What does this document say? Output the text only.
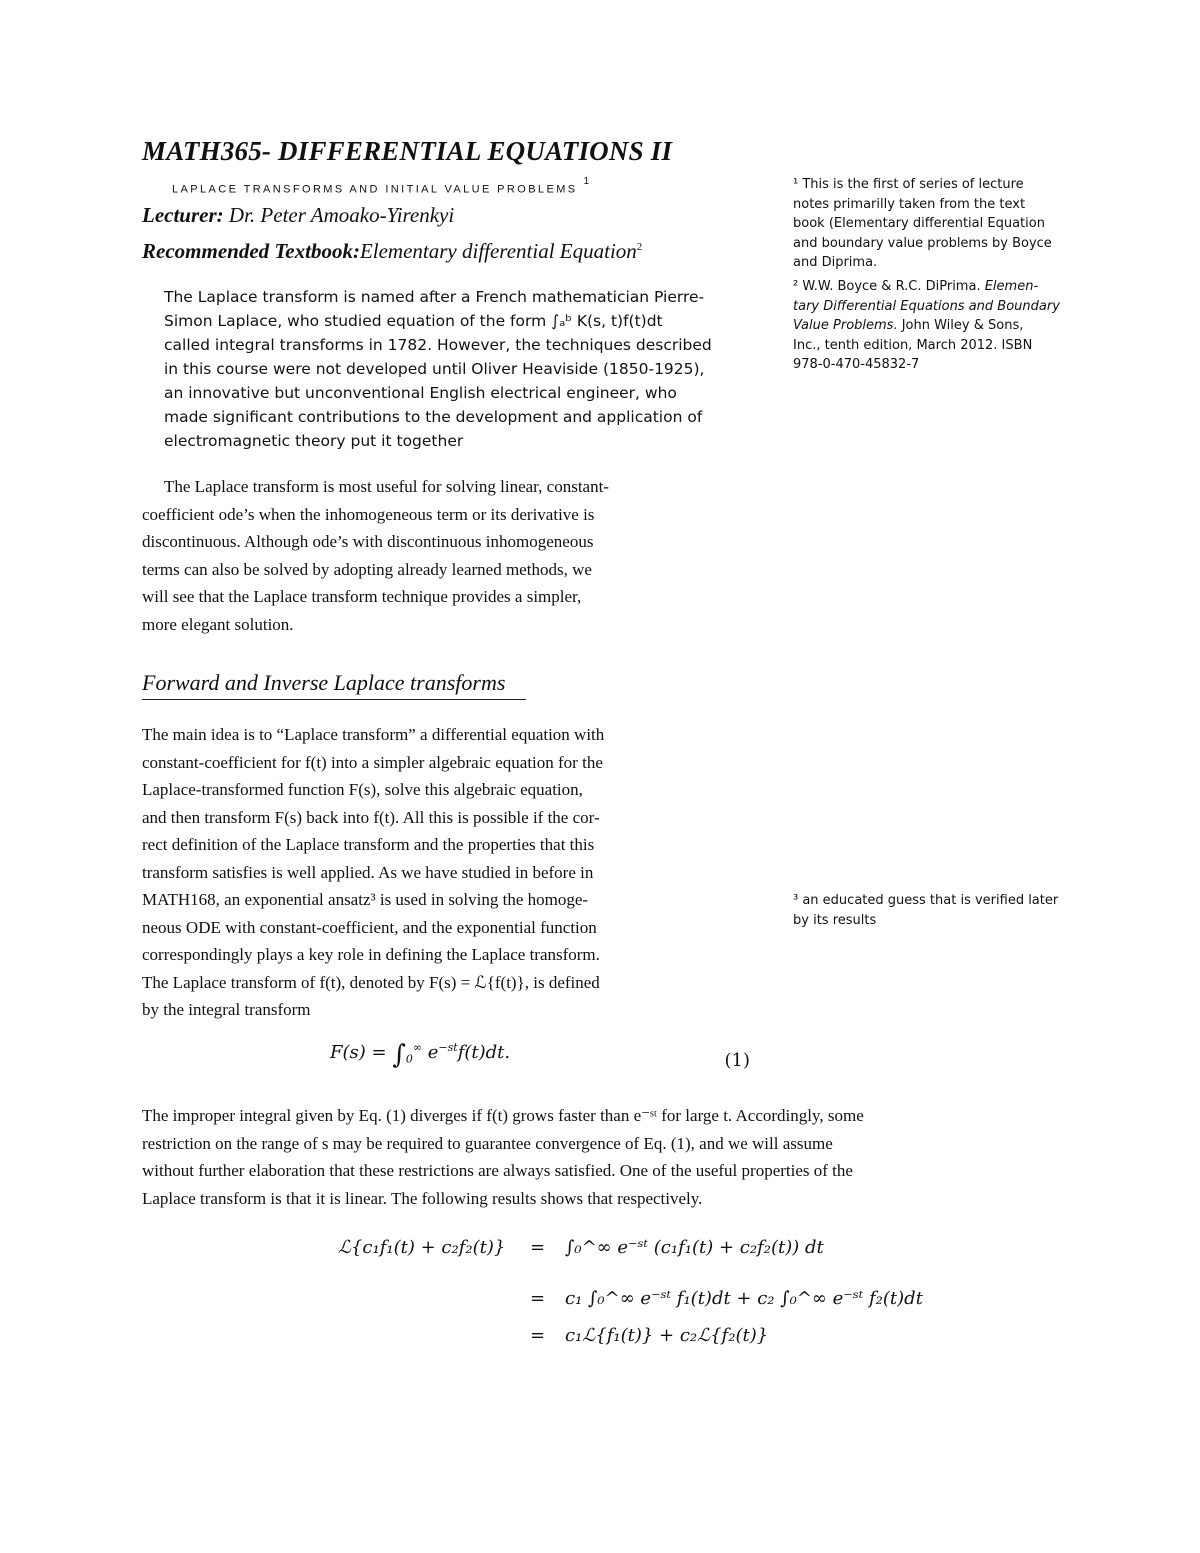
MATH365- DIFFERENTIAL EQUATIONS II
LAPLACE TRANSFORMS AND INITIAL VALUE PROBLEMS$^1$
Lecturer: Dr. Peter Amoako-Yirenkyi
Recommended Textbook:Elementary differential Equation$^2$
The Laplace transform is named after a French mathematician Pierre-
Simon Laplace, who studied equation of the form ∫ₐᵇ K(s, t)f(t)dt
called integral transforms in 1782. However, the techniques described
in this course were not developed until Oliver Heaviside (1850-1925),
an innovative but unconventional English electrical engineer, who
made significant contributions to the development and application of
electromagnetic theory put it together
The Laplace transform is most useful for solving linear, constant-
coefficient ode’s when the inhomogeneous term or its derivative is
discontinuous. Although ode’s with discontinuous inhomogeneous
terms can also be solved by adopting already learned methods, we
will see that the Laplace transform technique provides a simpler,
more elegant solution.
Forward and Inverse Laplace transforms
The main idea is to “Laplace transform” a differential equation with
constant-coefficient for f(t) into a simpler algebraic equation for the
Laplace-transformed function F(s), solve this algebraic equation,
and then transform F(s) back into f(t). All this is possible if the cor-
rect definition of the Laplace transform and the properties that this
transform satisfies is well applied. As we have studied in before in
MATH168, an exponential ansatz³ is used in solving the homoge-
neous ODE with constant-coefficient, and the exponential function
correspondingly plays a key role in defining the Laplace transform.
The Laplace transform of f(t), denoted by F(s) = ℒ{f(t)}, is defined
by the integral transform
$F(s) = \int_0^\infty$ $e^{-st}f(t)dt$.	(1)
The improper integral given by Eq. (1) diverges if f(t) grows faster than e⁻ˢᵗ for large t. Accordingly, some
restriction on the range of s may be required to guarantee convergence of Eq. (1), and we will assume
without further elaboration that these restrictions are always satisfied. One of the useful properties of the
Laplace transform is that it is linear. The following results shows that respectively.
ℒ{c₁f₁(t) + c₂f₂(t)} = ∫₀^∞ e⁻ˢᵗ (c₁f₁(t) + c₂f₂(t)) dt
= c₁ ∫₀^∞ e⁻ˢᵗ f₁(t)dt + c₂ ∫₀^∞ e⁻ˢᵗ f₂(t)dt
= c₁ℒ{f₁(t)} + c₂ℒ{f₂(t)}
¹ This is the first of series of lecture
notes primarilly taken from the text
book (Elementary differential Equation
and boundary value problems by Boyce
and Diprima.
² W.W. Boyce & R.C. DiPrima. Elemen-
tary Differential Equations and Boundary
Value Problems. John Wiley & Sons,
Inc., tenth edition, March 2012. ISBN
978-0-470-45832-7
³ an educated guess that is verified later
by its results
